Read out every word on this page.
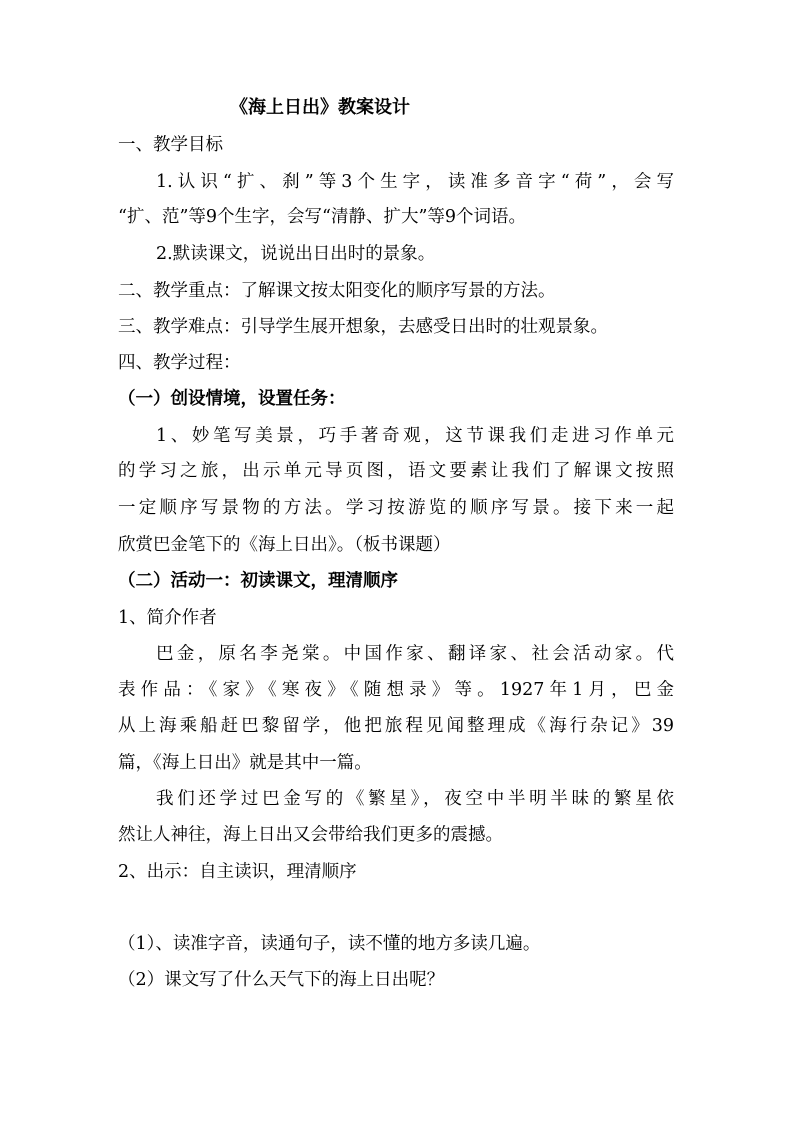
《海上日出》教案设计
一、教学目标
1.认识“扩、刹”等3个生字，读准多音字“荷”，会写
“扩、范”等9个生字，会写“清静、扩大”等9个词语。
2.默读课文，说说出日出时的景象。
二、教学重点：了解课文按太阳变化的顺序写景的方法。
三、教学难点：引导学生展开想象，去感受日出时的壮观景象。
四、教学过程：
（一）创设情境，设置任务：
1、妙笔写美景，巧手著奇观，这节课我们走进习作单元
的学习之旅，出示单元导页图，语文要素让我们了解课文按照
一定顺序写景物的方法。学习按游览的顺序写景。接下来一起
欣赏巴金笔下的《海上日出》。（板书课题）
（二）活动一：初读课文，理清顺序
1、简介作者
巴金，原名李尧棠。中国作家、翻译家、社会活动家。代
表作品：《家》《寒夜》《随想录》等。1927年1月，巴金
从上海乘船赶巴黎留学，他把旅程见闻整理成《海行杂记》39
篇，《海上日出》就是其中一篇。
我们还学过巴金写的《繁星》，夜空中半明半昧的繁星依
然让人神往，海上日出又会带给我们更多的震撼。
2、出示：自主读识，理清顺序
（1）、读准字音，读通句子，读不懂的地方多读几遍。
（2）课文写了什么天气下的海上日出呢？
